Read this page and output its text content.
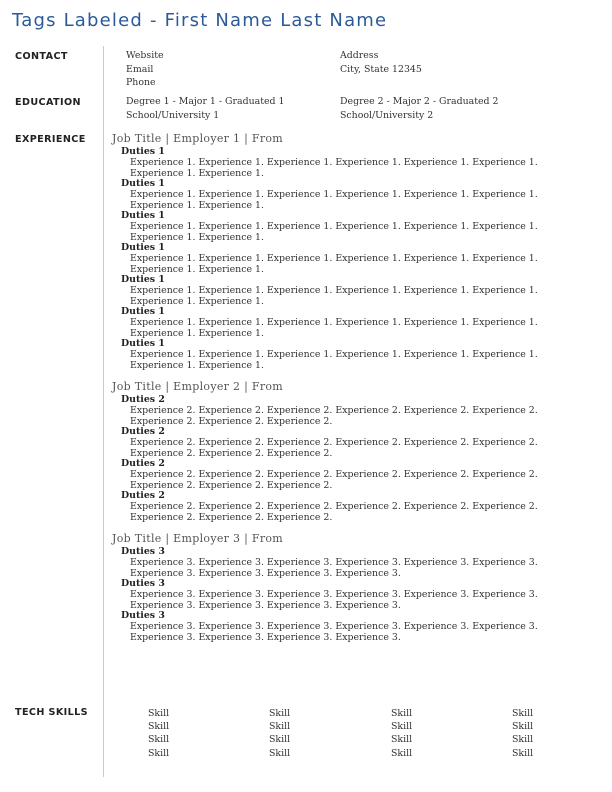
Tags Labeled - First Name Last Name
CONTACT
EDUCATION
EXPERIENCE
TECH SKILLS
Website
Email
Phone
Address
City, State 12345
Degree 1 - Major 1 - Graduated 1
School/University 1
Degree 2 - Major 2 - Graduated 2
School/University 2
Job Title | Employer 1 | From
Duties 1
Experience 1. Experience 1. Experience 1. Experience 1. Experience 1. Experience 1.
Experience 1. Experience 1.
Duties 1
Experience 1. Experience 1. Experience 1. Experience 1. Experience 1. Experience 1.
Experience 1. Experience 1.
Duties 1
Experience 1. Experience 1. Experience 1. Experience 1. Experience 1. Experience 1.
Experience 1. Experience 1.
Duties 1
Experience 1. Experience 1. Experience 1. Experience 1. Experience 1. Experience 1.
Experience 1. Experience 1.
Duties 1
Experience 1. Experience 1. Experience 1. Experience 1. Experience 1. Experience 1.
Experience 1. Experience 1.
Duties 1
Experience 1. Experience 1. Experience 1. Experience 1. Experience 1. Experience 1.
Experience 1. Experience 1.
Duties 1
Experience 1. Experience 1. Experience 1. Experience 1. Experience 1. Experience 1.
Experience 1. Experience 1.
Job Title | Employer 2 | From
Duties 2
Experience 2. Experience 2. Experience 2. Experience 2. Experience 2. Experience 2.
Experience 2. Experience 2. Experience 2.
Duties 2
Experience 2. Experience 2. Experience 2. Experience 2. Experience 2. Experience 2.
Experience 2. Experience 2. Experience 2.
Duties 2
Experience 2. Experience 2. Experience 2. Experience 2. Experience 2. Experience 2.
Experience 2. Experience 2. Experience 2.
Duties 2
Experience 2. Experience 2. Experience 2. Experience 2. Experience 2. Experience 2.
Experience 2. Experience 2. Experience 2.
Job Title | Employer 3 | From
Duties 3
Experience 3. Experience 3. Experience 3. Experience 3. Experience 3. Experience 3.
Experience 3. Experience 3. Experience 3. Experience 3.
Duties 3
Experience 3. Experience 3. Experience 3. Experience 3. Experience 3. Experience 3.
Experience 3. Experience 3. Experience 3. Experience 3.
Duties 3
Experience 3. Experience 3. Experience 3. Experience 3. Experience 3. Experience 3.
Experience 3. Experience 3. Experience 3. Experience 3.
Skill
Skill
Skill
Skill
Skill
Skill
Skill
Skill
Skill
Skill
Skill
Skill
Skill
Skill
Skill
Skill
